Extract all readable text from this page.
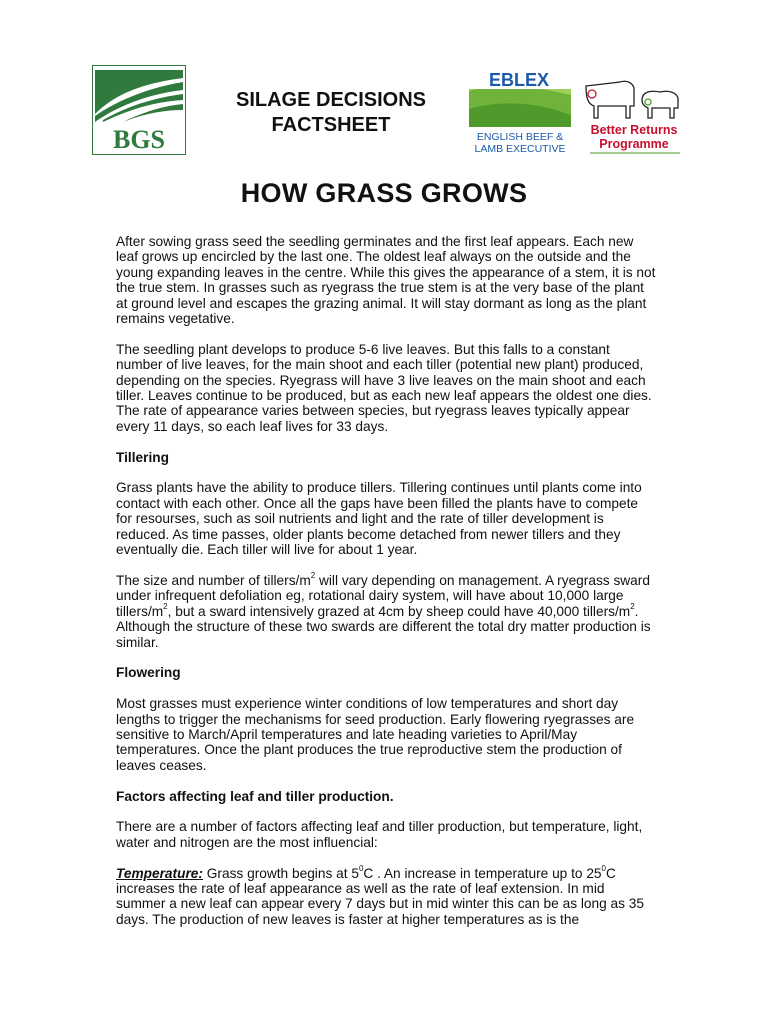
SILAGE DECISIONS
FACTSHEET
BGS
EBLEX
ENGLISH BEEF &
LAMB EXECUTIVE
Better Returns
Programme
HOW GRASS GROWS

After sowing grass seed the seedling germinates and the first leaf appears. Each new leaf grows up encircled by the last one. The oldest leaf always on the outside and the young expanding leaves in the centre. While this gives the appearance of a stem, it is not the true stem. In grasses such as ryegrass the true stem is at the very base of the plant at ground level and escapes the grazing animal. It will stay dormant as long as the plant remains vegetative.

The seedling plant develops to produce 5-6 live leaves. But this falls to a constant number of live leaves, for the main shoot and each tiller (potential new plant) produced, depending on the species. Ryegrass will have 3 live leaves on the main shoot and each tiller. Leaves continue to be produced, but as each new leaf appears the oldest one dies. The rate of appearance varies between species, but ryegrass leaves typically appear every 11 days, so each leaf lives for 33 days.

Tillering

Grass plants have the ability to produce tillers. Tillering continues until plants come into contact with each other. Once all the gaps have been filled the plants have to compete for resourses, such as soil nutrients and light and the rate of tiller development is reduced. As time passes, older plants become detached from newer tillers and they eventually die. Each tiller will live for about 1 year.

The size and number of tillers/$m^2$ will vary depending on management. A ryegrass sward under infrequent defoliation eg, rotational dairy system, will have about 10,000 large tillers/$m^2$, but a sward intensively grazed at 4cm by sheep could have 40,000 tillers/$m^2$. Although the structure of these two swards are different the total dry matter production is similar.

Flowering

Most grasses must experience winter conditions of low temperatures and short day lengths to trigger the mechanisms for seed production. Early flowering ryegrasses are sensitive to March/April temperatures and late heading varieties to April/May temperatures. Once the plant produces the true reproductive stem the production of leaves ceases.

Factors affecting leaf and tiller production.

There are a number of factors affecting leaf and tiller production, but temperature, light, water and nitrogen are the most influencial:

Temperature: Grass growth begins at $5^0C$ . An increase in temperature up to $25^0C$ increases the rate of leaf appearance as well as the rate of leaf extension. In mid summer a new leaf can appear every 7 days but in mid winter this can be as long as 35 days. The production of new leaves is faster at higher temperatures as is the
